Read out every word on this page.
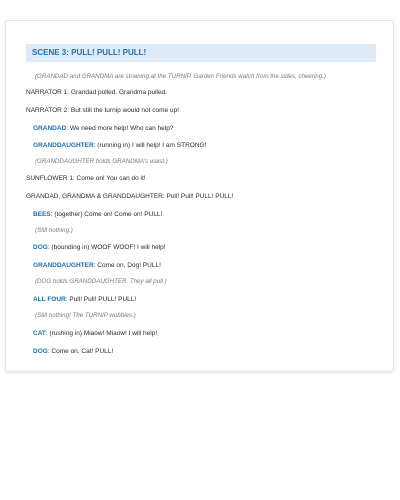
SCENE 3: PULL! PULL! PULL!
(GRANDAD and GRANDMA are straining at the TURNIP. Garden Friends watch from the sides, cheering.)
NARRATOR 1: Grandad pulled. Grandma pulled.
NARRATOR 2: But still the turnip would not come up!
GRANDAD: We need more help! Who can help?
GRANDDAUGHTER: (running in) I will help! I am STRONG!
(GRANDDAUGHTER holds GRANDMA's waist.)
SUNFLOWER 1: Come on! You can do it!
GRANDAD, GRANDMA & GRANDDAUGHTER: Pull! Pull! PULL! PULL!
BEES: (together) Come on! Come on! PULL!
(Still nothing.)
DOG: (bounding in) WOOF WOOF! I will help!
GRANDDAUGHTER: Come on, Dog! PULL!
(DOG holds GRANDDAUGHTER. They all pull.)
ALL FOUR: Pull! Pull! PULL! PULL!
(Still nothing! The TURNIP wobbles.)
CAT: (rushing in) Miaow! Miaow! I will help!
DOG: Come on, Cat! PULL!
